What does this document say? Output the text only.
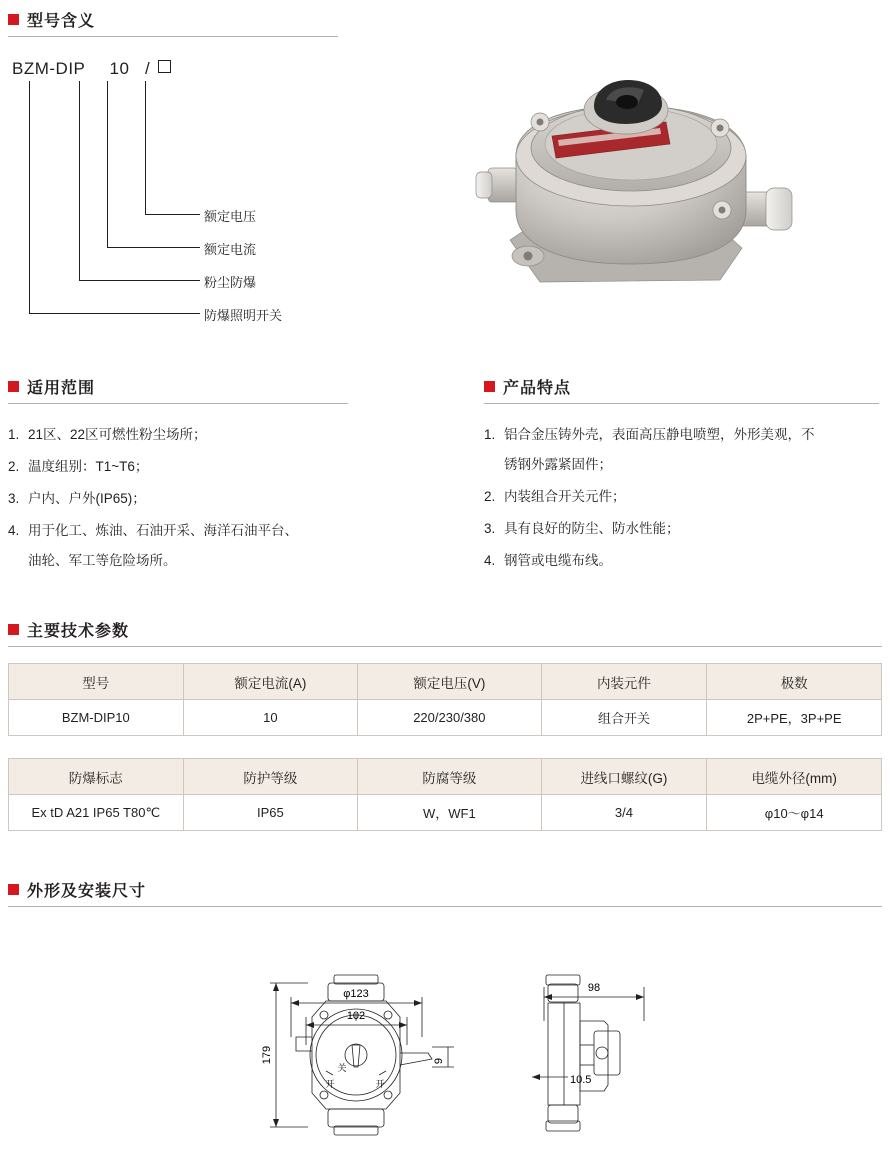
型号含义
BZM-DIP 10 /
额定电压
额定电流
粉尘防爆
防爆照明开关
适用范围
1. 21区、22区可燃性粉尘场所；
2. 温度组别：T1~T6；
3. 户内、户外(IP65)；
4. 用于化工、炼油、石油开采、海洋石油平台、
油轮、军工等危险场所。
产品特点
1. 铝合金压铸外壳，表面高压静电喷塑，外形美观，不
锈钢外露紧固件；
2. 内装组合开关元件；
3. 具有良好的防尘、防水性能；
4. 钢管或电缆布线。
主要技术参数
型号	额定电流(A)	额定电压(V)	内装元件	极数
BZM-DIP10	10	220/230/380	组合开关	2P+PE，3P+PE
防爆标志	防护等级	防腐等级	进线口螺纹(G)	电缆外径(mm)
Ex tD A21 IP65 T80℃	IP65	W，WF1	3/4	φ10～φ14
外形及安装尺寸
φ123
102
179	9
98
10.5
关
开	开
